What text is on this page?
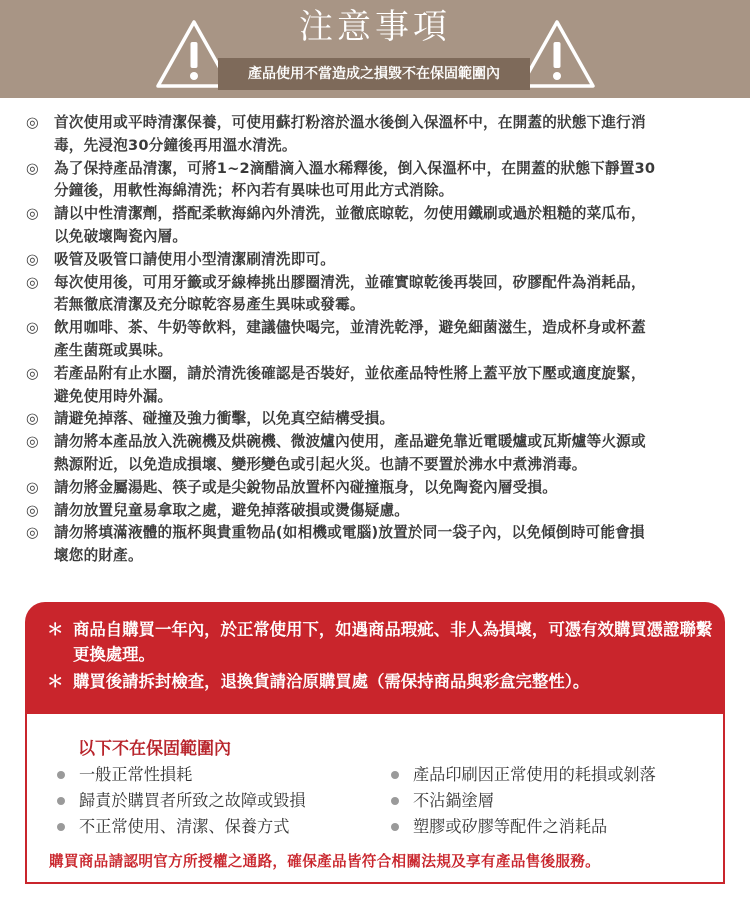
注意事項
產品使用不當造成之損毀不在保固範圍內
◎ 首次使用或平時清潔保養，可使用蘇打粉溶於溫水後倒入保溫杯中，在開蓋的狀態下進行消
毒，先浸泡30分鐘後再用溫水清洗。
◎ 為了保持產品清潔，可將1~2滴醋滴入溫水稀釋後，倒入保溫杯中，在開蓋的狀態下靜置30
分鐘後，用軟性海綿清洗；杯內若有異味也可用此方式消除。
◎ 請以中性清潔劑，搭配柔軟海綿內外清洗，並徹底晾乾，勿使用鐵刷或過於粗糙的菜瓜布，
以免破壞陶瓷內層。
◎ 吸管及吸管口請使用小型清潔刷清洗即可。
◎ 每次使用後，可用牙籤或牙線棒挑出膠圈清洗，並確實晾乾後再裝回，矽膠配件為消耗品，
若無徹底清潔及充分晾乾容易產生異味或發霉。
◎ 飲用咖啡、茶、牛奶等飲料，建議儘快喝完，並清洗乾淨，避免細菌滋生，造成杯身或杯蓋
產生菌斑或異味。
◎ 若產品附有止水圈，請於清洗後確認是否裝好，並依產品特性將上蓋平放下壓或適度旋緊，
避免使用時外漏。
◎ 請避免掉落、碰撞及強力衝擊，以免真空結構受損。
◎ 請勿將本產品放入洗碗機及烘碗機、微波爐內使用，產品避免靠近電暖爐或瓦斯爐等火源或
熱源附近，以免造成損壞、變形變色或引起火災。也請不要置於沸水中煮沸消毒。
◎ 請勿將金屬湯匙、筷子或是尖銳物品放置杯內碰撞瓶身，以免陶瓷內層受損。
◎ 請勿放置兒童易拿取之處，避免掉落破損或燙傷疑慮。
◎ 請勿將填滿液體的瓶杯與貴重物品(如相機或電腦)放置於同一袋子內，以免傾倒時可能會損
壞您的財產。
＊ 商品自購買一年內，於正常使用下，如遇商品瑕疵、非人為損壞，可憑有效購買憑證聯繫更換處理。
＊ 購買後請拆封檢查，退換貨請洽原購買處（需保持商品與彩盒完整性）。
以下不在保固範圍內
一般正常性損耗
歸責於購買者所致之故障或毀損
不正常使用、清潔、保養方式
產品印刷因正常使用的耗損或剝落
不沾鍋塗層
塑膠或矽膠等配件之消耗品
購買商品請認明官方所授權之通路，確保產品皆符合相關法規及享有產品售後服務。
